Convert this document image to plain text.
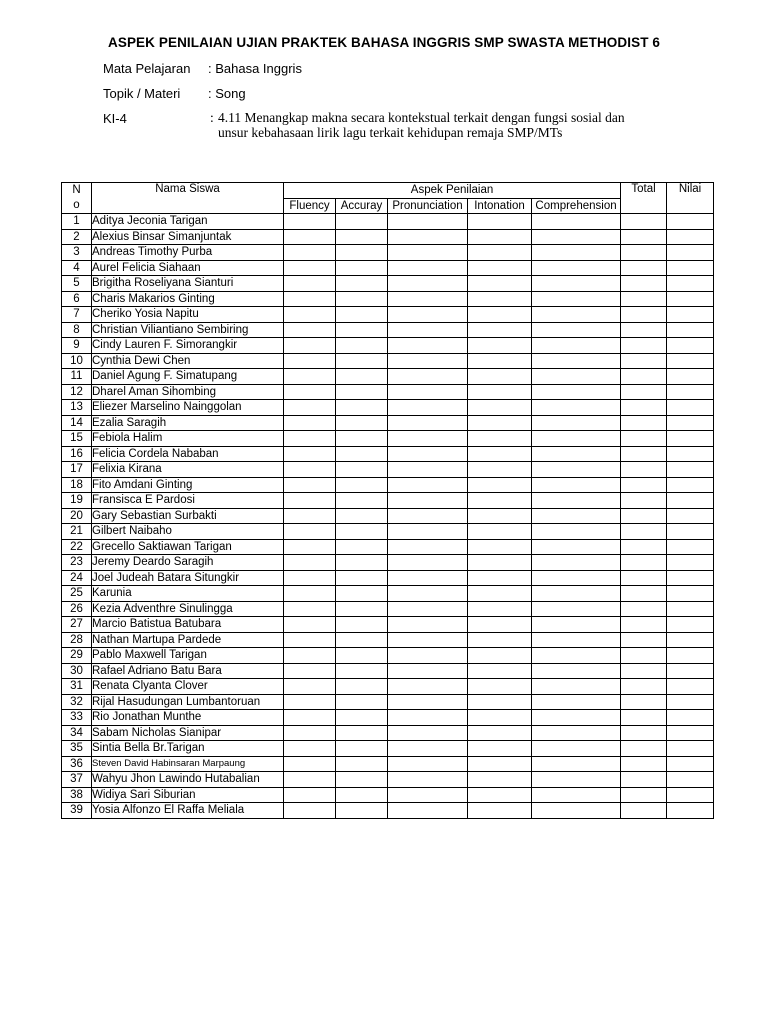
ASPEK PENILAIAN UJIAN PRAKTEK BAHASA INGGRIS SMP SWASTA METHODIST 6
Mata Pelajaran : Bahasa Inggris
Topik / Materi : Song
KI-4	: 4.11 Menangkap makna secara kontekstual terkait dengan fungsi sosial dan
unsur kebahasaan lirik lagu terkait kehidupan remaja SMP/MTs
N
o	Nama Siswa	Aspek Penilaian					Total	Nilai
		Fluency	Accuray	Pronunciation	Intonation	Comprehension		
1	Aditya Jeconia Tarigan							
2	Alexius Binsar Simanjuntak							
3	Andreas Timothy Purba							
4	Aurel Felicia Siahaan							
5	Brigitha Roseliyana Sianturi							
6	Charis Makarios Ginting							
7	Cheriko Yosia Napitu							
8	Christian Viliantiano Sembiring							
9	Cindy Lauren F. Simorangkir							
10	Cynthia Dewi Chen							
11	Daniel Agung F. Simatupang							
12	Dharel Aman Sihombing							
13	Eliezer Marselino Nainggolan							
14	Ezalia Saragih							
15	Febiola Halim							
16	Felicia Cordela Nababan							
17	Felixia Kirana							
18	Fito Amdani Ginting							
19	Fransisca E Pardosi							
20	Gary Sebastian Surbakti							
21	Gilbert Naibaho							
22	Grecello Saktiawan Tarigan							
23	Jeremy Deardo Saragih							
24	Joel Judeah Batara Situngkir							
25	Karunia							
26	Kezia Adventhre Sinulingga							
27	Marcio Batistua Batubara							
28	Nathan Martupa Pardede							
29	Pablo Maxwell Tarigan							
30	Rafael Adriano Batu Bara							
31	Renata Clyanta Clover							
32	Rijal Hasudungan Lumbantoruan							
33	Rio Jonathan Munthe							
34	Sabam Nicholas Sianipar							
35	Sintia Bella Br.Tarigan							
36	Steven David Habinsaran Marpaung							
37	Wahyu Jhon Lawindo Hutabalian							
38	Widiya Sari Siburian							
39	Yosia Alfonzo El Raffa Meliala							
